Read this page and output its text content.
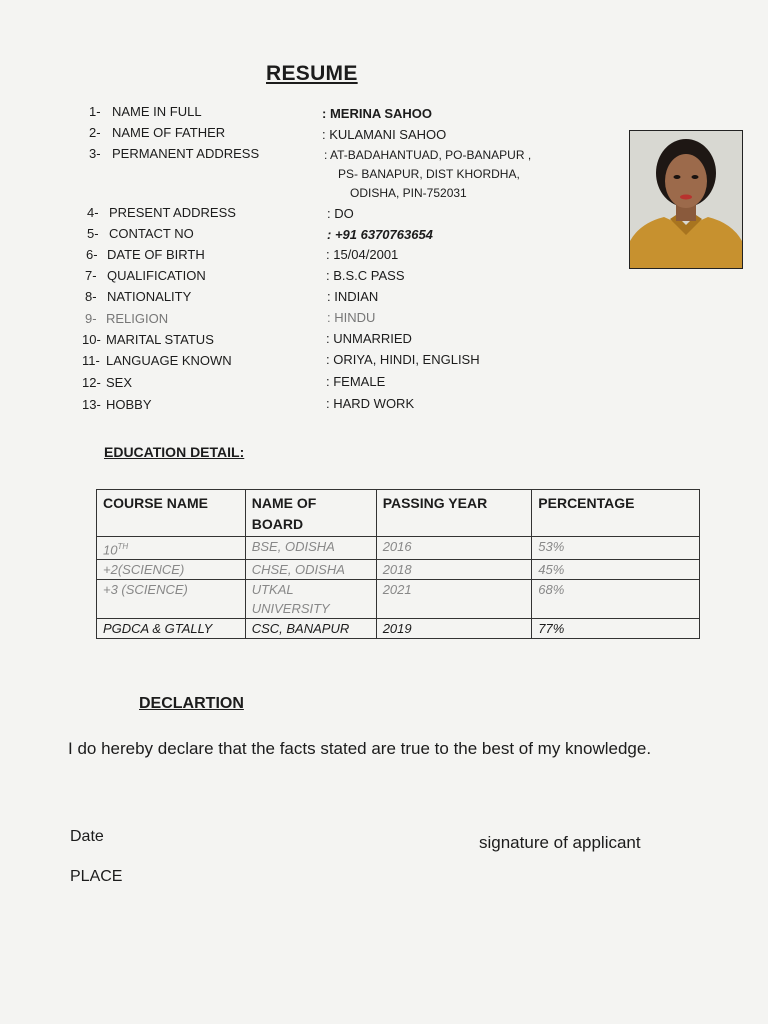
RESUME
1- NAME IN FULL	: MERINA SAHOO
2- NAME OF FATHER	: KULAMANI SAHOO
3- PERMANENT ADDRESS	: AT-BADAHANTUAD, PO-BANAPUR ,
PS- BANAPUR, DIST KHORDHA,
ODISHA, PIN-752031
4- PRESENT ADDRESS	: DO
5- CONTACT NO	: +91 6370763654
6- DATE OF BIRTH	: 15/04/2001
7- QUALIFICATION	: B.S.C PASS
8- NATIONALITY	: INDIAN
9- RELIGION	: HINDU
10- MARITAL STATUS	: UNMARRIED
11- LANGUAGE KNOWN	: ORIYA, HINDI, ENGLISH
12- SEX	: FEMALE
13- HOBBY	: HARD WORK
EDUCATION DETAIL:
COURSE NAME	NAME OF BOARD	PASSING YEAR	PERCENTAGE
10TH	BSE, ODISHA	2016	53%
+2(SCIENCE)	CHSE, ODISHA	2018	45%
+3 (SCIENCE)	UTKAL UNIVERSITY	2021	68%
PGDCA & GTALLY	CSC, BANAPUR	2019	77%
DECLARTION
I do hereby declare that the facts stated are true to the best of my knowledge.
Date
PLACE
signature of applicant
